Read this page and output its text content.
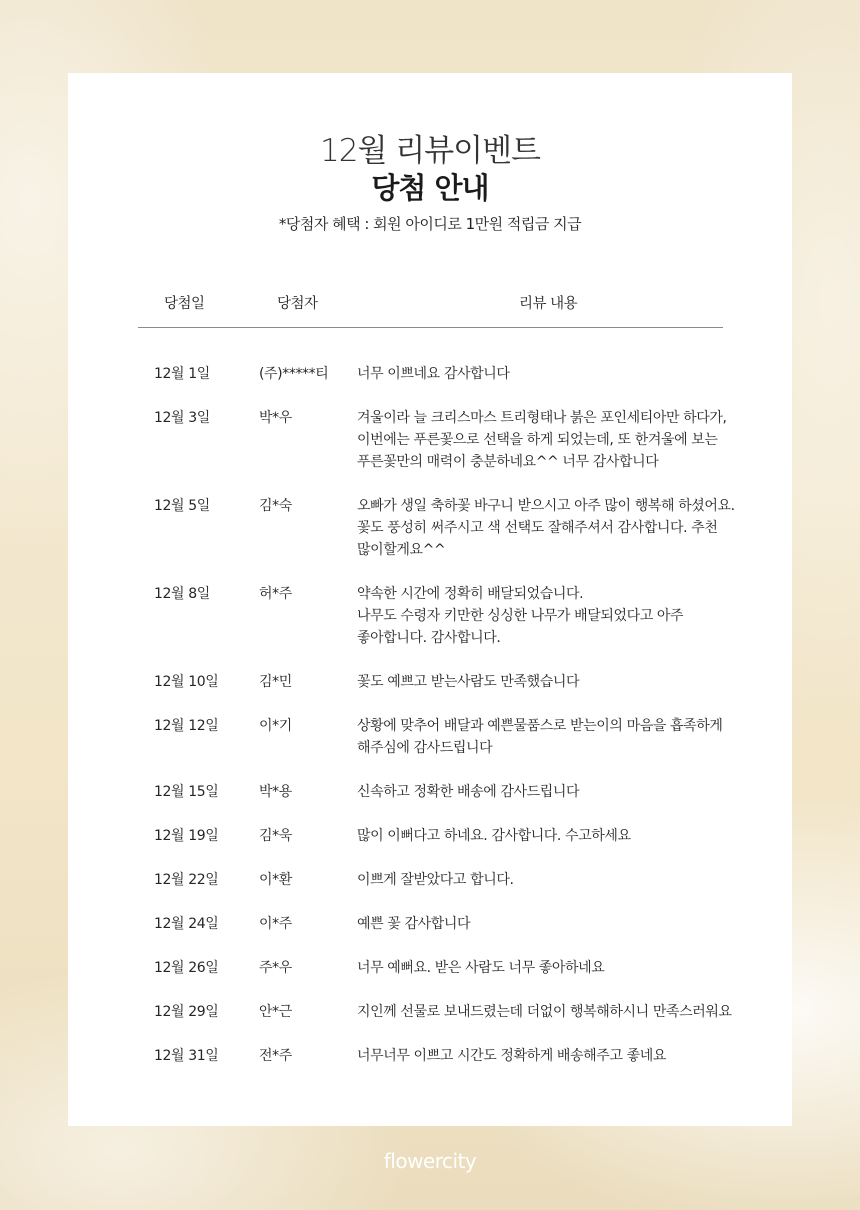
12월 리뷰이벤트
당첨 안내
*당첨자 혜택 : 회원 아이디로 1만원 적립금 지급
당첨일	당첨자	리뷰 내용
12월 1일	(주)*****티	너무 이쁘네요 감사합니다
12월 3일	박*우	겨울이라 늘 크리스마스 트리형태나 붉은 포인세티아만 하다가,
이번에는 푸른꽃으로 선택을 하게 되었는데, 또 한겨울에 보는
푸른꽃만의 매력이 충분하네요^^ 너무 감사합니다
12월 5일	김*숙	오빠가 생일 축하꽃 바구니 받으시고 아주 많이 행복해 하셨어요.
꽃도 풍성히 써주시고 색 선택도 잘해주셔서 감사합니다. 추천
많이할게요^^
12월 8일	허*주	약속한 시간에 정확히 배달되었습니다.
나무도 수령자 키만한 싱싱한 나무가 배달되었다고 아주
좋아합니다. 감사합니다.
12월 10일	김*민	꽃도 예쁘고 받는사람도 만족했습니다
12월 12일	이*기	상황에 맞추어 배달과 예쁜물품스로 받는이의 마음을 흡족하게
해주심에 감사드립니다
12월 15일	박*용	신속하고 정확한 배송에 감사드립니다
12월 19일	김*욱	많이 이뻐다고 하네요. 감사합니다. 수고하세요
12월 22일	이*환	이쁘게 잘받았다고 합니다.
12월 24일	이*주	예쁜 꽃 감사합니다
12월 26일	주*우	너무 예뻐요. 받은 사람도 너무 좋아하네요
12월 29일	안*근	지인께 선물로 보내드렸는데 더없이 행복해하시니 만족스러워요
12월 31일	전*주	너무너무 이쁘고 시간도 정확하게 배송해주고 좋네요
flowercity
